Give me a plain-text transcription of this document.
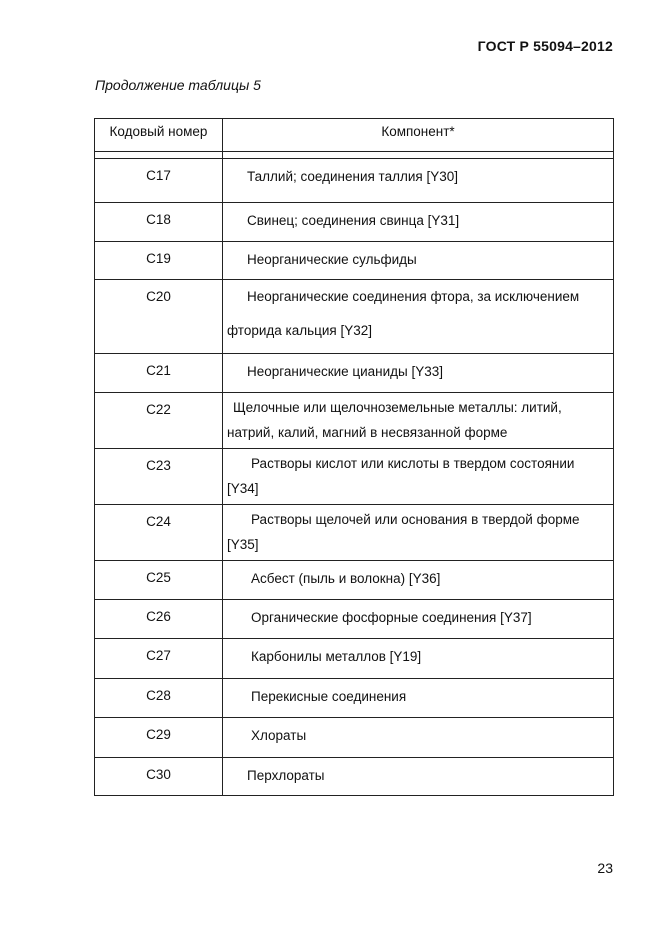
ГОСТ Р 55094–2012
Продолжение таблицы 5
Кодовый номер	Компонент*
С17	Таллий; соединения таллия [Y30]
С18	Свинец; соединения свинца [Y31]
С19	Неорганические сульфиды
С20	Неорганические соединения фтора, за исключением
фторида кальция [Y32]
С21	Неорганические цианиды [Y33]
С22	Щелочные или щелочноземельные металлы: литий,
натрий, калий, магний в несвязанной форме
С23	Растворы кислот или кислоты в твердом состоянии
[Y34]
С24	Растворы щелочей или основания в твердой форме
[Y35]
С25	Асбест (пыль и волокна) [Y36]
С26	Органические фосфорные соединения [Y37]
С27	Карбонилы металлов [Y19]
С28	Перекисные соединения
С29	Хлораты
С30	Перхлораты
23
